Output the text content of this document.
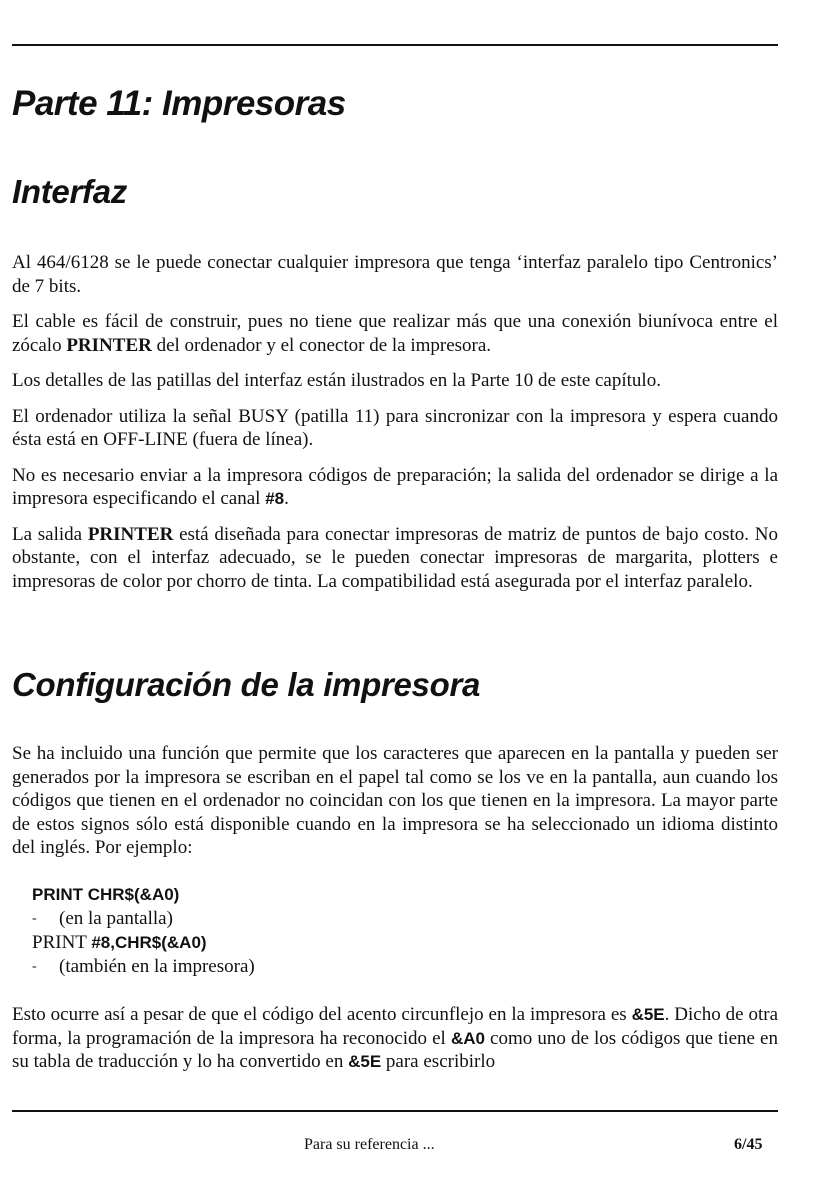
Parte 11: Impresoras
Interfaz

Al 464/6128 se le puede conectar cualquier impresora que tenga ‘interfaz paralelo tipo Centronics’ de 7 bits.

El cable es fácil de construir, pues no tiene que realizar más que una conexión biunívoca entre el zócalo PRINTER del ordenador y el conector de la impresora.

Los detalles de las patillas del interfaz están ilustrados en la Parte 10 de este capítulo.

El ordenador utiliza la señal BUSY (patilla 11) para sincronizar con la impresora y espera cuando ésta está en OFF-LINE (fuera de línea).

No es necesario enviar a la impresora códigos de preparación; la salida del ordenador se dirige a la impresora especificando el canal #8.

La salida PRINTER está diseñada para conectar impresoras de matriz de puntos de bajo costo. No obstante, con el interfaz adecuado, se le pueden conectar impresoras de margarita, plotters e impresoras de color por chorro de tinta. La compatibilidad está asegurada por el interfaz paralelo.

Configuración de la impresora

Se ha incluido una función que permite que los caracteres que aparecen en la pantalla y pueden ser generados por la impresora se escriban en el papel tal como se los ve en la pantalla, aun cuando los códigos que tienen en el ordenador no coincidan con los que tienen en la impresora. La mayor parte de estos signos sólo está disponible cuando en la impresora se ha seleccionado un idioma distinto del inglés. Por ejemplo:

PRINT CHR$(&A0)
- (en la pantalla)
PRINT #8,CHR$(&A0)
- (también en la impresora)

Esto ocurre así a pesar de que el código del acento circunflejo en la impresora es &5E. Dicho de otra forma, la programación de la impresora ha reconocido el &A0 como uno de los códigos que tiene en su tabla de traducción y lo ha convertido en &5E para escribirlo

Para su referencia ...	6/45
